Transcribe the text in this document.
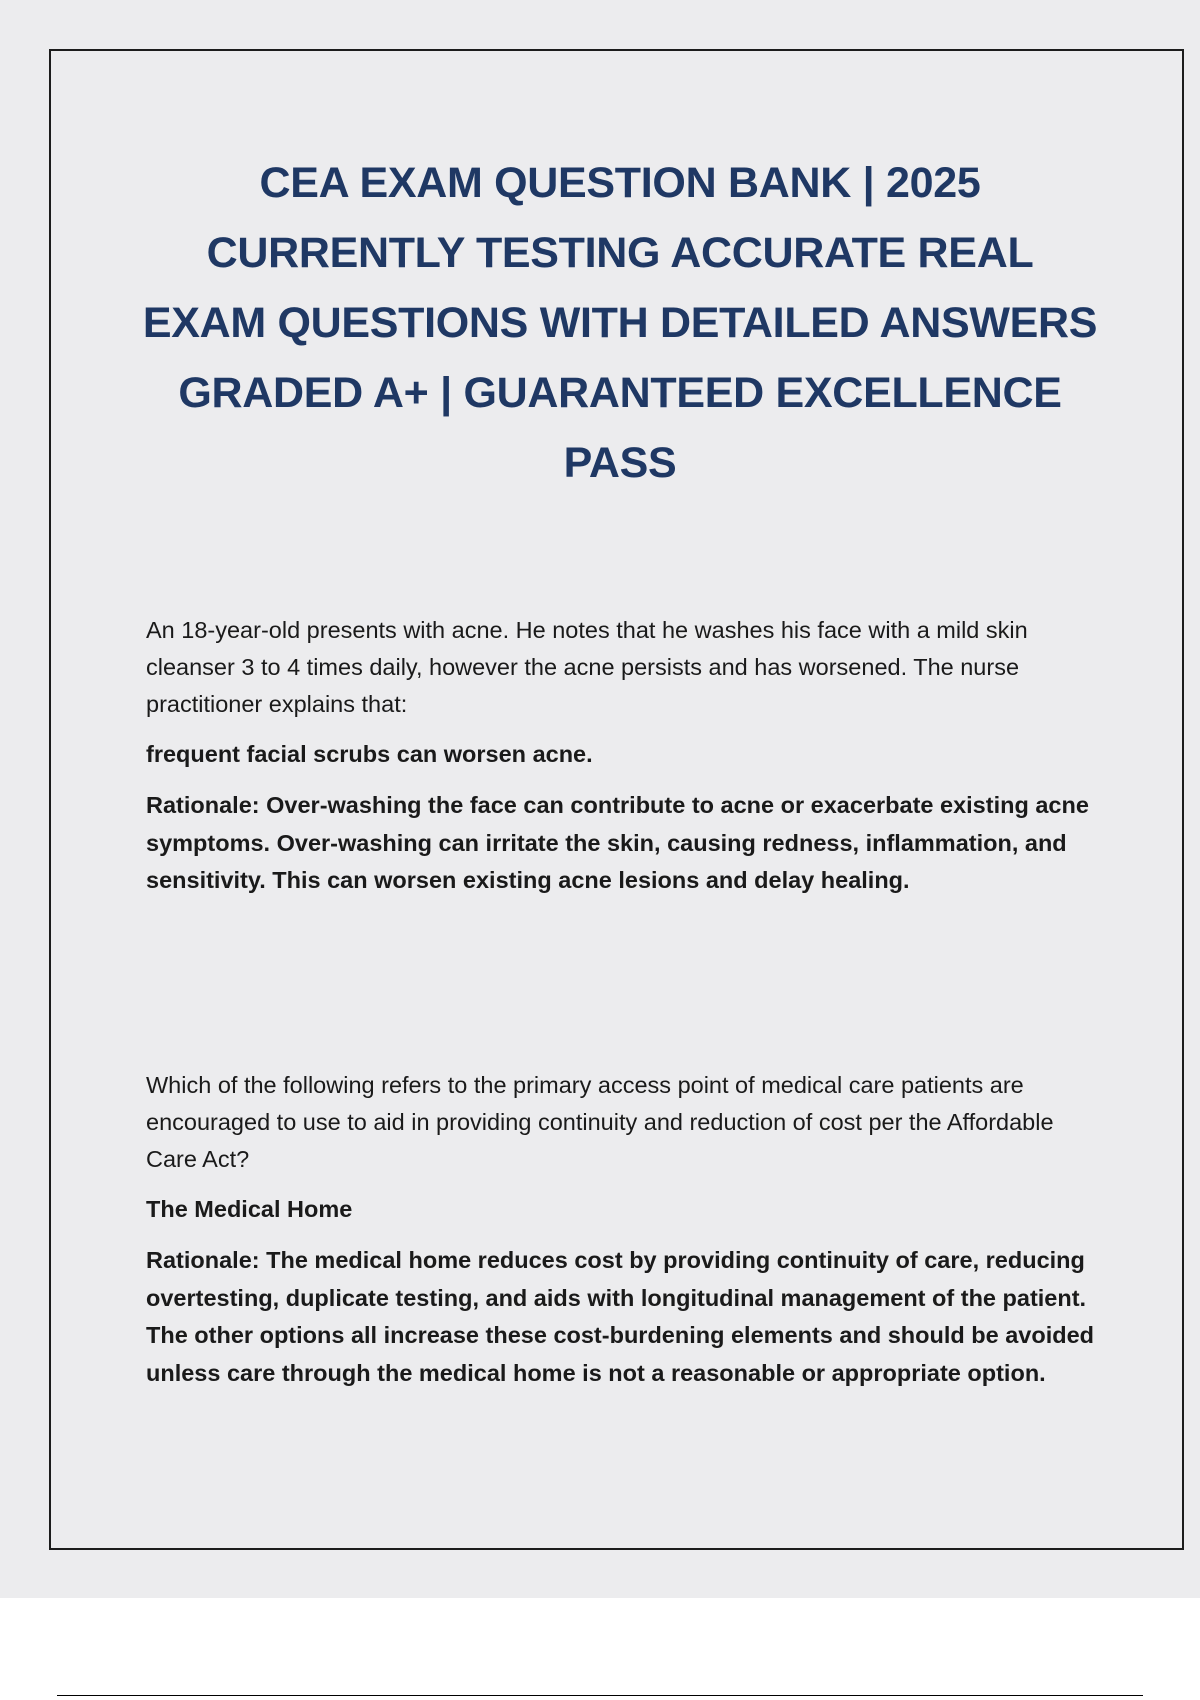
CEA EXAM QUESTION BANK | 2025 CURRENTLY TESTING ACCURATE REAL EXAM QUESTIONS WITH DETAILED ANSWERS GRADED A+ | GUARANTEED EXCELLENCE PASS

An 18-year-old presents with acne. He notes that he washes his face with a mild skin cleanser 3 to 4 times daily, however the acne persists and has worsened. The nurse practitioner explains that:

frequent facial scrubs can worsen acne.

Rationale: Over-washing the face can contribute to acne or exacerbate existing acne symptoms. Over-washing can irritate the skin, causing redness, inflammation, and sensitivity. This can worsen existing acne lesions and delay healing.

Which of the following refers to the primary access point of medical care patients are encouraged to use to aid in providing continuity and reduction of cost per the Affordable Care Act?

The Medical Home

Rationale: The medical home reduces cost by providing continuity of care, reducing overtesting, duplicate testing, and aids with longitudinal management of the patient. The other options all increase these cost-burdening elements and should be avoided unless care through the medical home is not a reasonable or appropriate option.
